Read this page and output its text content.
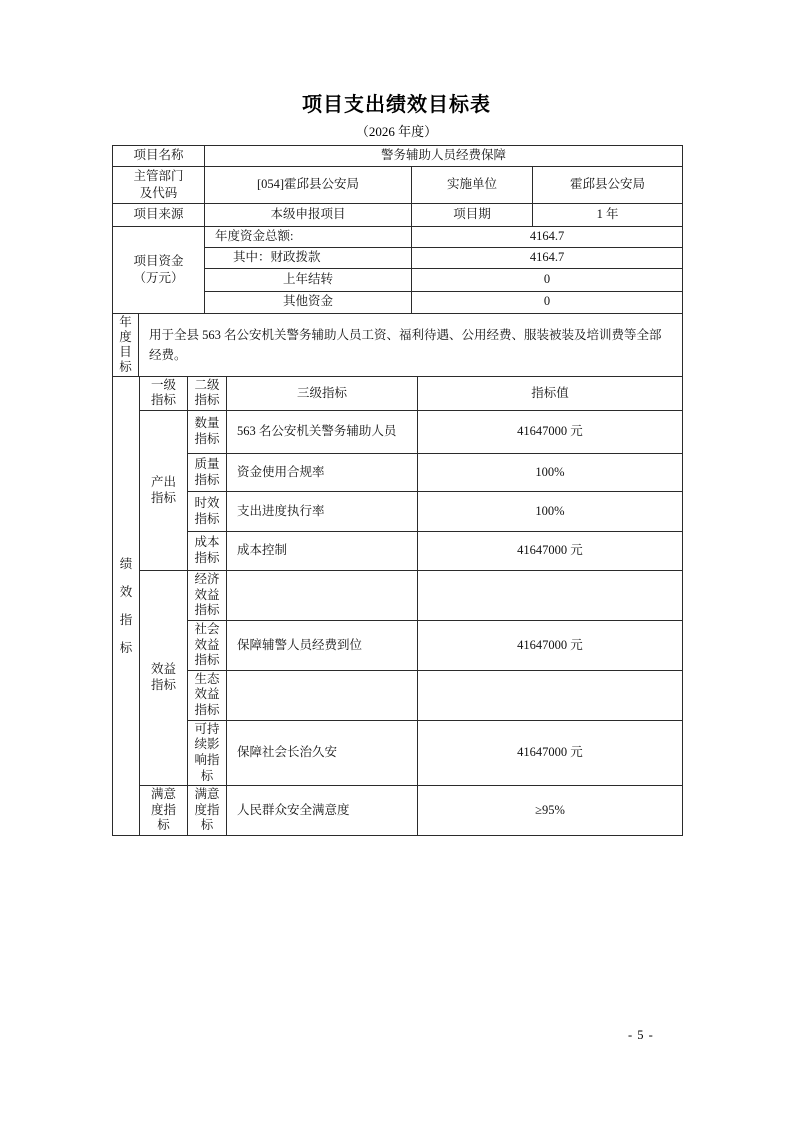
项目支出绩效目标表
（2026 年度）
项目名称	警务辅助人员经费保障		
主管部门及代码	[054]霍邱县公安局	实施单位	霍邱县公安局
项目来源	本级申报项目	项目期	1 年
项目资金（万元）	年度资金总额:	4164.7	
	其中：财政拨款	4164.7	
	上年结转	0	
	其他资金	0	

年度目标
用于全县 563 名公安机关警务辅助人员工资、福利待遇、公用经费、服装被装及培训费等全部经费。			
绩效指标	一级指标	二级指标	三级指标	指标值
	产出指标	数量指标	563 名公安机关警务辅助人员	41647000 元
		质量指标	资金使用合规率	100%
		时效指标	支出进度执行率	100%
		成本指标	成本控制	41647000 元
	效益指标	经济效益指标		
		社会效益指标	保障辅警人员经费到位	41647000 元
		生态效益指标		
		可持续影响指标	保障社会长治久安	41647000 元
	满意度指标	满意度指标	人民群众安全满意度	≥95%
- 5 -
